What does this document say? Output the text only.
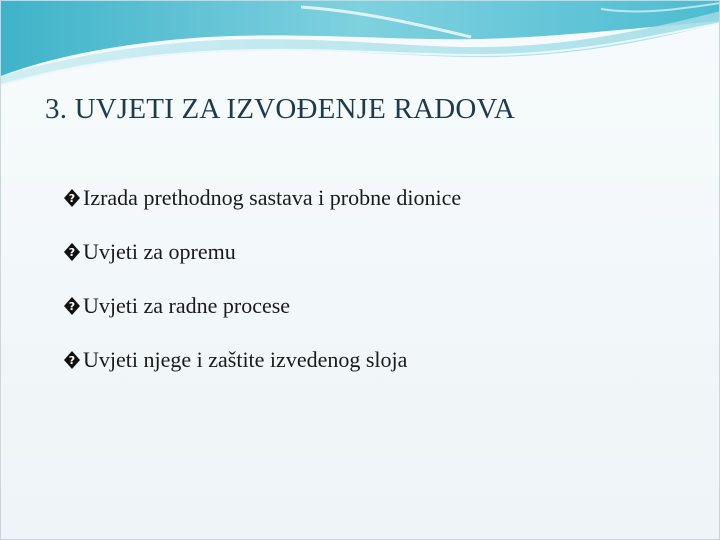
3. UVJETI ZA IZVOĐENJE RADOVA
? Izrada prethodnog sastava i probne dionice
? Uvjeti za opremu
? Uvjeti za radne procese
? Uvjeti njege i zaštite izvedenog sloja
